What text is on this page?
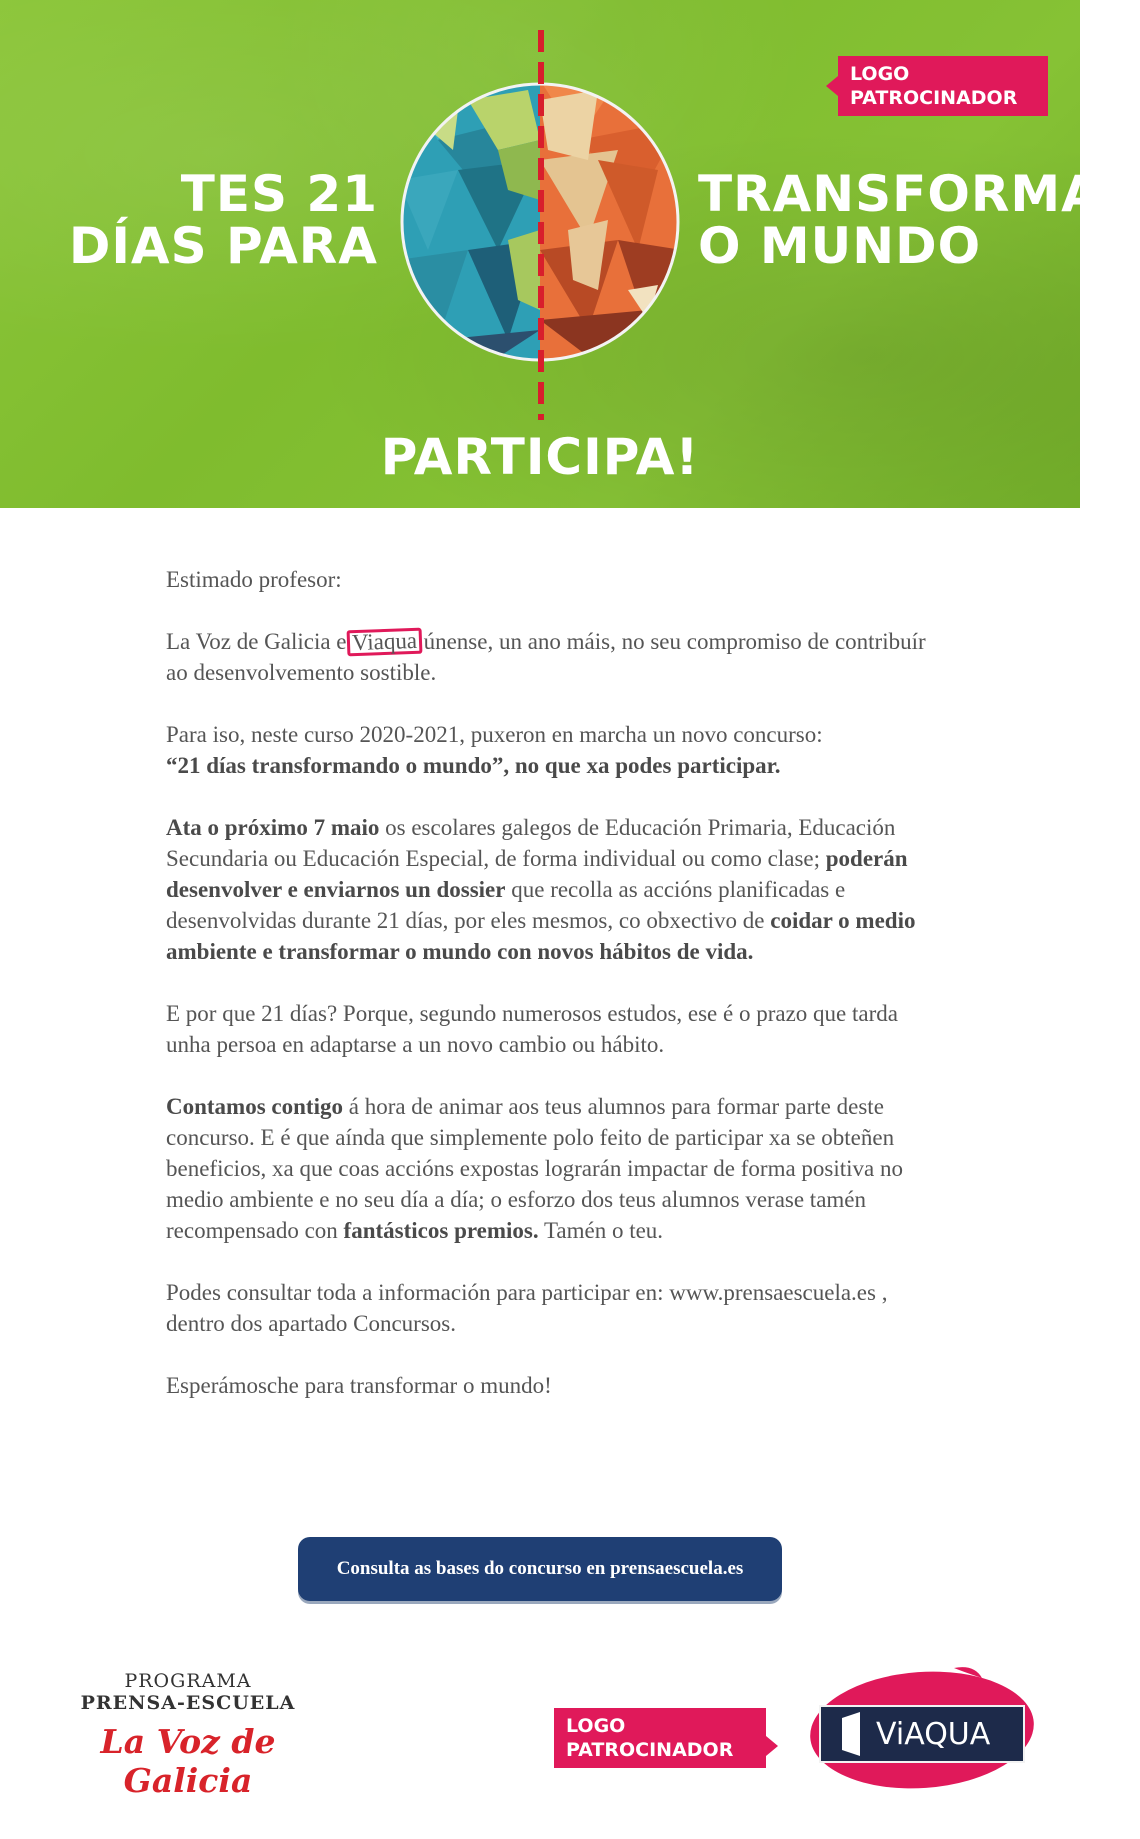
TES 21
DÍAS PARA
TRANSFORMAR
O MUNDO
PARTICIPA!
LOGO
PATROCINADOR

Estimado profesor:

La Voz de Galicia eViaquaúnense, un ano máis, no seu compromiso de contribuír ao desenvolvemento sostible.

Para iso, neste curso 2020-2021, puxeron en marcha un novo concurso:
“21 días transformando o mundo”, no que xa podes participar.

Ata o próximo 7 maio os escolares galegos de Educación Primaria, Educación Secundaria ou Educación Especial, de forma individual ou como clase; poderán desenvolver e enviarnos un dossier que recolla as accións planificadas e desenvolvidas durante 21 días, por eles mesmos, co obxectivo de coidar o medio ambiente e transformar o mundo con novos hábitos de vida.

E por que 21 días? Porque, segundo numerosos estudos, ese é o prazo que tarda unha persoa en adaptarse a un novo cambio ou hábito.

Contamos contigo á hora de animar aos teus alumnos para formar parte deste concurso. E é que aínda que simplemente polo feito de participar xa se obteñen beneficios, xa que coas accións expostas lograrán impactar de forma positiva no medio ambiente e no seu día a día; o esforzo dos teus alumnos verase tamén recompensado con fantásticos premios. Tamén o teu.

Podes consultar toda a información para participar en: www.prensaescuela.es , dentro dos apartado Concursos.

Esperámosche para transformar o mundo!

Consulta as bases do concurso en prensaescuela.es
PROGRAMA
PRENSA-ESCUELA
La Voz de Galicia
LOGO
PATROCINADOR	ViAQUA
